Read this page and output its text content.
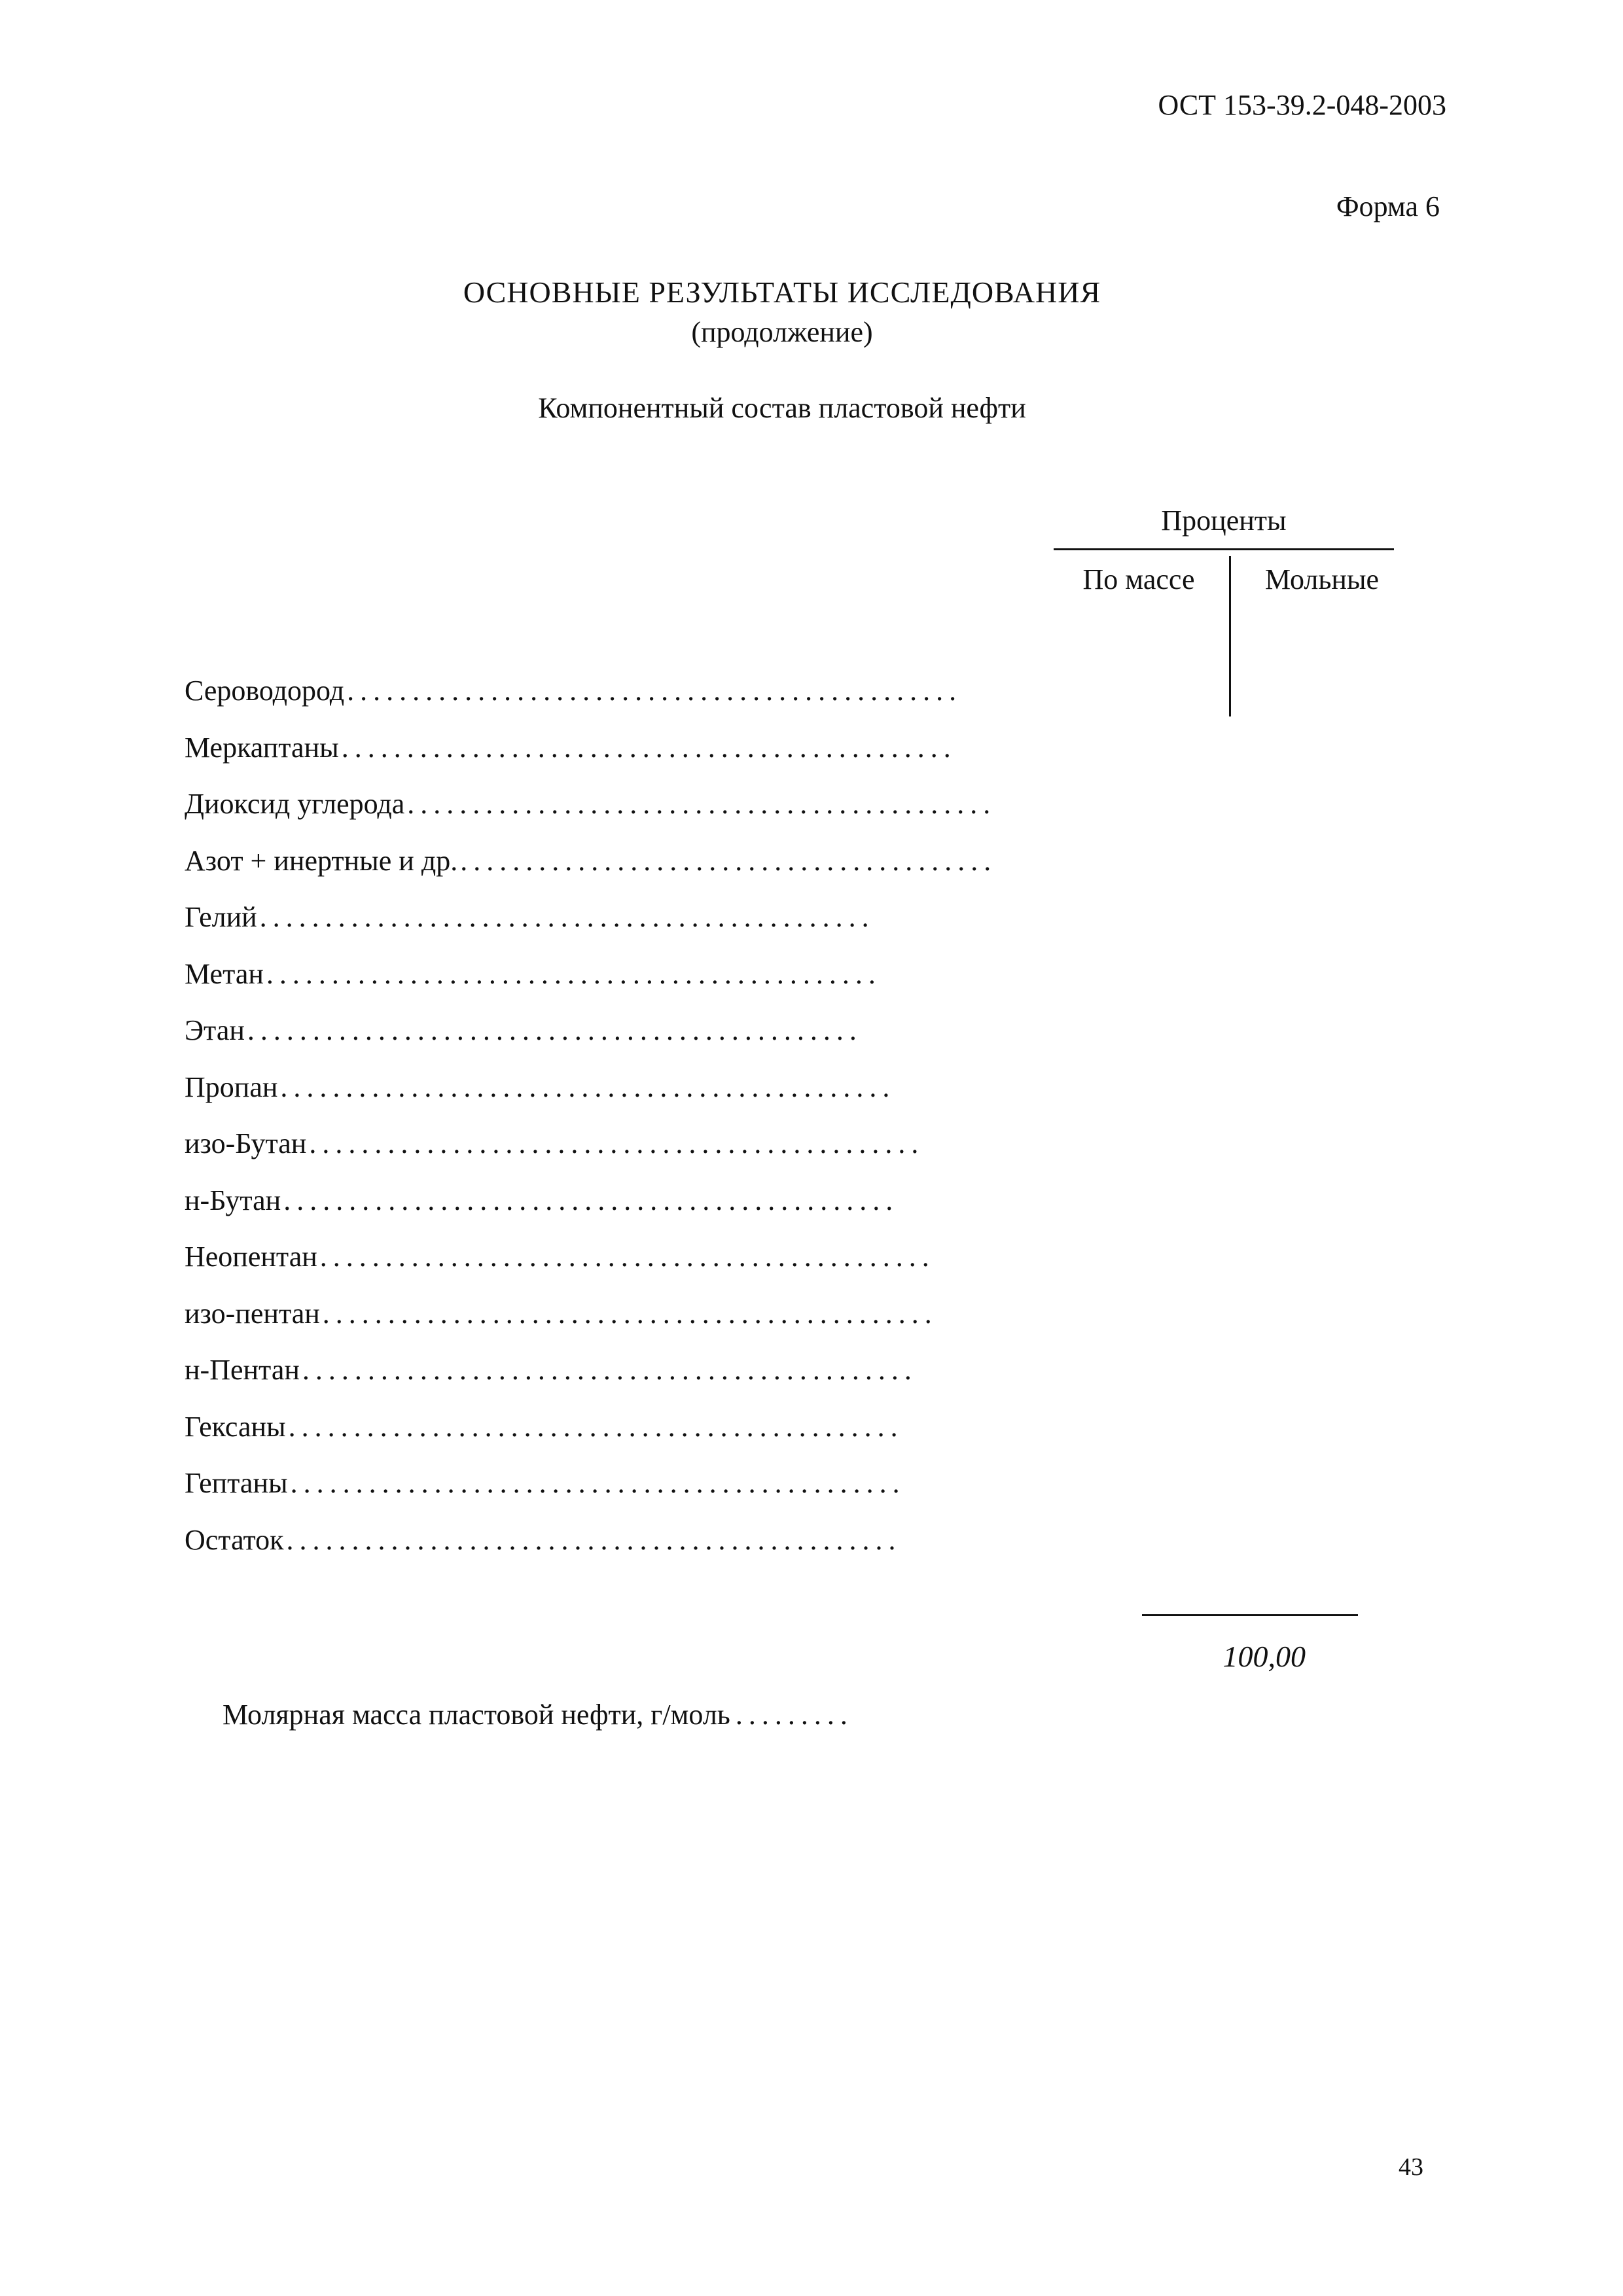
ОСТ 153-39.2-048-2003
Форма 6
ОСНОВНЫЕ РЕЗУЛЬТАТЫ ИССЛЕДОВАНИЯ
(продолжение)
Компонентный состав пластовой нефти
Проценты
По массе	Мольные
Сероводород
.....
Меркаптаны
.....
Диоксид углерода
.....
Азот + инертные и др.
.....
Гелий
.....
Метан
.....
Этан
.....
Пропан
.....
изо-Бутан
.....
н-Бутан
.....
Неопентан
.....
изо-пентан
.....
н-Пентан
.....
Гексаны
.....
Гептаны
.....
Остаток
.....
100,00
Молярная масса пластовой нефти, г/моль .........
43
